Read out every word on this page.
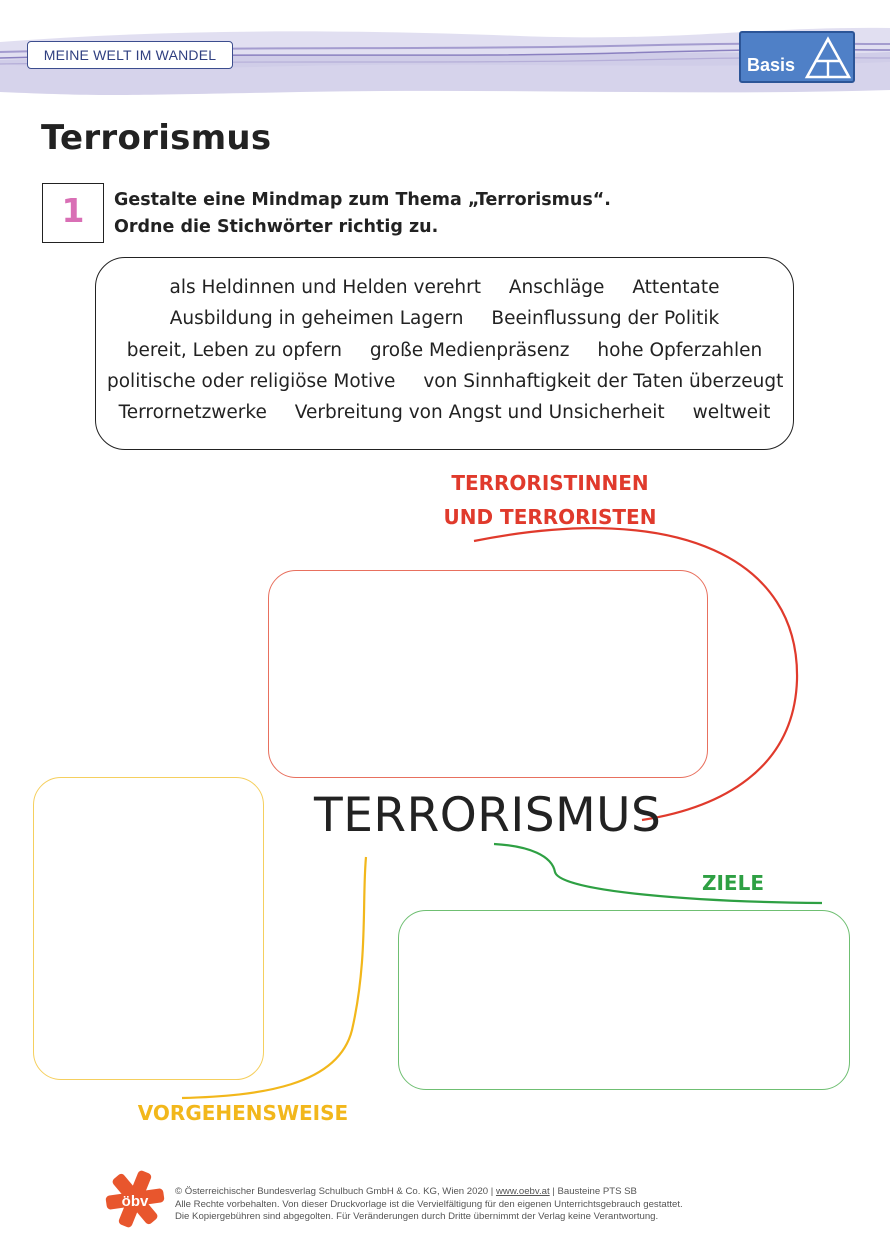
MEINE WELT IM WANDEL	Basis
Terrorismus
1	Gestalte eine Mindmap zum Thema „Terrorismus“.
Ordne die Stichwörter richtig zu.
als Heldinnen und Helden verehrt Anschläge Attentate
Ausbildung in geheimen Lagern Beeinflussung der Politik
bereit, Leben zu opfern große Medienpräsenz hohe Opferzahlen
politische oder religiöse Motive von Sinnhaftigkeit der Taten überzeugt
Terrornetzwerke Verbreitung von Angst und Unsicherheit weltweit
TERRORISTINNEN
UND TERRORISTEN
TERRORISMUS
ZIELE
VORGEHENSWEISE
öbv
© Österreichischer Bundesverlag Schulbuch GmbH & Co. KG, Wien 2020 | www.oebv.at | Bausteine PTS SB
Alle Rechte vorbehalten. Von dieser Druckvorlage ist die Vervielfältigung für den eigenen Unterrichtsgebrauch gestattet.
Die Kopiergebühren sind abgegolten. Für Veränderungen durch Dritte übernimmt der Verlag keine Verantwortung.
